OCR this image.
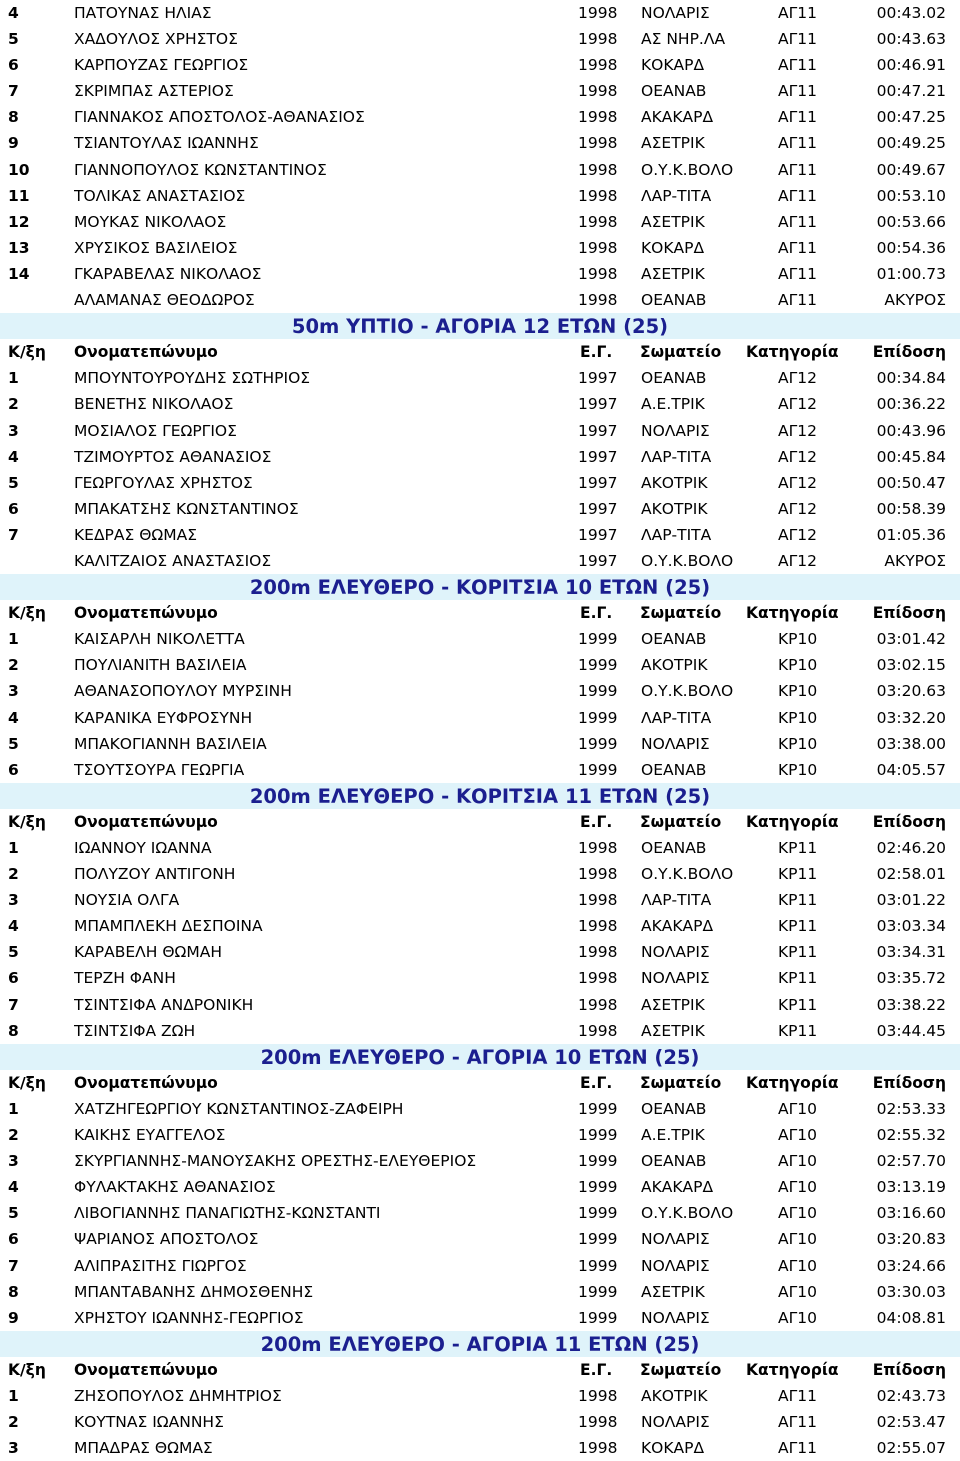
4	ΠΑΤΟΥΝΑΣ ΗΛΙΑΣ	1998	ΝΟΛΑΡΙΣ	ΑΓ11	00:43.02
5	ΧΑΔΟΥΛΟΣ ΧΡΗΣΤΟΣ	1998	ΑΣ ΝΗΡ.ΛΑ	ΑΓ11	00:43.63
6	ΚΑΡΠΟΥΖΑΣ ΓΕΩΡΓΙΟΣ	1998	ΚΟΚΑΡΔ	ΑΓ11	00:46.91
7	ΣΚΡΙΜΠΑΣ ΑΣΤΕΡΙΟΣ	1998	ΟΕΑΝΑΒ	ΑΓ11	00:47.21
8	ΓΙΑΝΝΑΚΟΣ ΑΠΟΣΤΟΛΟΣ-ΑΘΑΝΑΣΙΟΣ	1998	ΑΚΑΚΑΡΔ	ΑΓ11	00:47.25
9	ΤΣΙΑΝΤΟΥΛΑΣ ΙΩΑΝΝΗΣ	1998	ΑΣΕΤΡΙΚ	ΑΓ11	00:49.25
10	ΓΙΑΝΝΟΠΟΥΛΟΣ ΚΩΝΣΤΑΝΤΙΝΟΣ	1998	Ο.Υ.Κ.ΒΟΛΟ	ΑΓ11	00:49.67
11	ΤΟΛΙΚΑΣ ΑΝΑΣΤΑΣΙΟΣ	1998	ΛΑΡ-ΤΙΤΑ	ΑΓ11	00:53.10
12	ΜΟΥΚΑΣ ΝΙΚΟΛΑΟΣ	1998	ΑΣΕΤΡΙΚ	ΑΓ11	00:53.66
13	ΧΡΥΣΙΚΟΣ ΒΑΣΙΛΕΙΟΣ	1998	ΚΟΚΑΡΔ	ΑΓ11	00:54.36
14	ΓΚΑΡΑΒΕΛΑΣ ΝΙΚΟΛΑΟΣ	1998	ΑΣΕΤΡΙΚ	ΑΓ11	01:00.73
ΑΛΑΜΑΝΑΣ ΘΕΟΔΩΡΟΣ	1998	ΟΕΑΝΑΒ	ΑΓ11	ΑΚΥΡΟΣ
50m ΥΠΤΙΟ - ΑΓΟΡΙΑ 12 ΕΤΩΝ (25)
Κ/ξη	Ονοματεπώνυμο	Ε.Γ.	Σωματείο	Κατηγορία	Επίδοση
1	ΜΠΟΥΝΤΟΥΡΟΥΔΗΣ ΣΩΤΗΡΙΟΣ	1997	ΟΕΑΝΑΒ	ΑΓ12	00:34.84
2	ΒΕΝΕΤΗΣ ΝΙΚΟΛΑΟΣ	1997	Α.Ε.ΤΡΙΚ	ΑΓ12	00:36.22
3	ΜΟΣΙΑΛΟΣ ΓΕΩΡΓΙΟΣ	1997	ΝΟΛΑΡΙΣ	ΑΓ12	00:43.96
4	ΤΖΙΜΟΥΡΤΟΣ ΑΘΑΝΑΣΙΟΣ	1997	ΛΑΡ-ΤΙΤΑ	ΑΓ12	00:45.84
5	ΓΕΩΡΓΟΥΛΑΣ ΧΡΗΣΤΟΣ	1997	ΑΚΟΤΡΙΚ	ΑΓ12	00:50.47
6	ΜΠΑΚΑΤΣΗΣ ΚΩΝΣΤΑΝΤΙΝΟΣ	1997	ΑΚΟΤΡΙΚ	ΑΓ12	00:58.39
7	ΚΕΔΡΑΣ ΘΩΜΑΣ	1997	ΛΑΡ-ΤΙΤΑ	ΑΓ12	01:05.36
ΚΑΛΙΤΖΑΙΟΣ ΑΝΑΣΤΑΣΙΟΣ	1997	Ο.Υ.Κ.ΒΟΛΟ	ΑΓ12	ΑΚΥΡΟΣ
200m ΕΛΕΥΘΕΡΟ - ΚΟΡΙΤΣΙΑ 10 ΕΤΩΝ (25)
Κ/ξη	Ονοματεπώνυμο	Ε.Γ.	Σωματείο	Κατηγορία	Επίδοση
1	ΚΑΙΣΑΡΛΗ ΝΙΚΟΛΕΤΤΑ	1999	ΟΕΑΝΑΒ	ΚΡ10	03:01.42
2	ΠΟΥΛΙΑΝΙΤΗ ΒΑΣΙΛΕΙΑ	1999	ΑΚΟΤΡΙΚ	ΚΡ10	03:02.15
3	ΑΘΑΝΑΣΟΠΟΥΛΟΥ ΜΥΡΣΙΝΗ	1999	Ο.Υ.Κ.ΒΟΛΟ	ΚΡ10	03:20.63
4	ΚΑΡΑΝΙΚΑ ΕΥΦΡΟΣΥΝΗ	1999	ΛΑΡ-ΤΙΤΑ	ΚΡ10	03:32.20
5	ΜΠΑΚΟΓΙΑΝΝΗ ΒΑΣΙΛΕΙΑ	1999	ΝΟΛΑΡΙΣ	ΚΡ10	03:38.00
6	ΤΣΟΥΤΣΟΥΡΑ ΓΕΩΡΓΙΑ	1999	ΟΕΑΝΑΒ	ΚΡ10	04:05.57
200m ΕΛΕΥΘΕΡΟ - ΚΟΡΙΤΣΙΑ 11 ΕΤΩΝ (25)
Κ/ξη	Ονοματεπώνυμο	Ε.Γ.	Σωματείο	Κατηγορία	Επίδοση
1	ΙΩΑΝΝΟΥ ΙΩΑΝΝΑ	1998	ΟΕΑΝΑΒ	ΚΡ11	02:46.20
2	ΠΟΛΥΖΟΥ ΑΝΤΙΓΟΝΗ	1998	Ο.Υ.Κ.ΒΟΛΟ	ΚΡ11	02:58.01
3	ΝΟΥΣΙΑ ΟΛΓΑ	1998	ΛΑΡ-ΤΙΤΑ	ΚΡ11	03:01.22
4	ΜΠΑΜΠΛΕΚΗ ΔΕΣΠΟΙΝΑ	1998	ΑΚΑΚΑΡΔ	ΚΡ11	03:03.34
5	ΚΑΡΑΒΕΛΗ ΘΩΜΑΗ	1998	ΝΟΛΑΡΙΣ	ΚΡ11	03:34.31
6	ΤΕΡΖΗ ΦΑΝΗ	1998	ΝΟΛΑΡΙΣ	ΚΡ11	03:35.72
7	ΤΣΙΝΤΣΙΦΑ ΑΝΔΡΟΝΙΚΗ	1998	ΑΣΕΤΡΙΚ	ΚΡ11	03:38.22
8	ΤΣΙΝΤΣΙΦΑ ΖΩΗ	1998	ΑΣΕΤΡΙΚ	ΚΡ11	03:44.45
200m ΕΛΕΥΘΕΡΟ - ΑΓΟΡΙΑ 10 ΕΤΩΝ (25)
Κ/ξη	Ονοματεπώνυμο	Ε.Γ.	Σωματείο	Κατηγορία	Επίδοση
1	ΧΑΤΖΗΓΕΩΡΓΙΟΥ ΚΩΝΣΤΑΝΤΙΝΟΣ-ΖΑΦΕΙΡΗ	1999	ΟΕΑΝΑΒ	ΑΓ10	02:53.33
2	ΚΑΙΚΗΣ ΕΥΑΓΓΕΛΟΣ	1999	Α.Ε.ΤΡΙΚ	ΑΓ10	02:55.32
3	ΣΚΥΡΓΙΑΝΝΗΣ-ΜΑΝΟΥΣΑΚΗΣ ΟΡΕΣΤΗΣ-ΕΛΕΥΘΕΡΙΟΣ	1999	ΟΕΑΝΑΒ	ΑΓ10	02:57.70
4	ΦΥΛΑΚΤΑΚΗΣ ΑΘΑΝΑΣΙΟΣ	1999	ΑΚΑΚΑΡΔ	ΑΓ10	03:13.19
5	ΛΙΒΟΓΙΑΝΝΗΣ ΠΑΝΑΓΙΩΤΗΣ-ΚΩΝΣΤΑΝΤΙ	1999	Ο.Υ.Κ.ΒΟΛΟ	ΑΓ10	03:16.60
6	ΨΑΡΙΑΝΟΣ ΑΠΟΣΤΟΛΟΣ	1999	ΝΟΛΑΡΙΣ	ΑΓ10	03:20.83
7	ΑΛΙΠΡΑΣΙΤΗΣ ΓΙΩΡΓΟΣ	1999	ΝΟΛΑΡΙΣ	ΑΓ10	03:24.66
8	ΜΠΑΝΤΑΒΑΝΗΣ ΔΗΜΟΣΘΕΝΗΣ	1999	ΑΣΕΤΡΙΚ	ΑΓ10	03:30.03
9	ΧΡΗΣΤΟΥ ΙΩΑΝΝΗΣ-ΓΕΩΡΓΙΟΣ	1999	ΝΟΛΑΡΙΣ	ΑΓ10	04:08.81
200m ΕΛΕΥΘΕΡΟ - ΑΓΟΡΙΑ 11 ΕΤΩΝ (25)
Κ/ξη	Ονοματεπώνυμο	Ε.Γ.	Σωματείο	Κατηγορία	Επίδοση
1	ΖΗΣΟΠΟΥΛΟΣ ΔΗΜΗΤΡΙΟΣ	1998	ΑΚΟΤΡΙΚ	ΑΓ11	02:43.73
2	ΚΟΥΤΝΑΣ ΙΩΑΝΝΗΣ	1998	ΝΟΛΑΡΙΣ	ΑΓ11	02:53.47
3	ΜΠΑΔΡΑΣ ΘΩΜΑΣ	1998	ΚΟΚΑΡΔ	ΑΓ11	02:55.07
